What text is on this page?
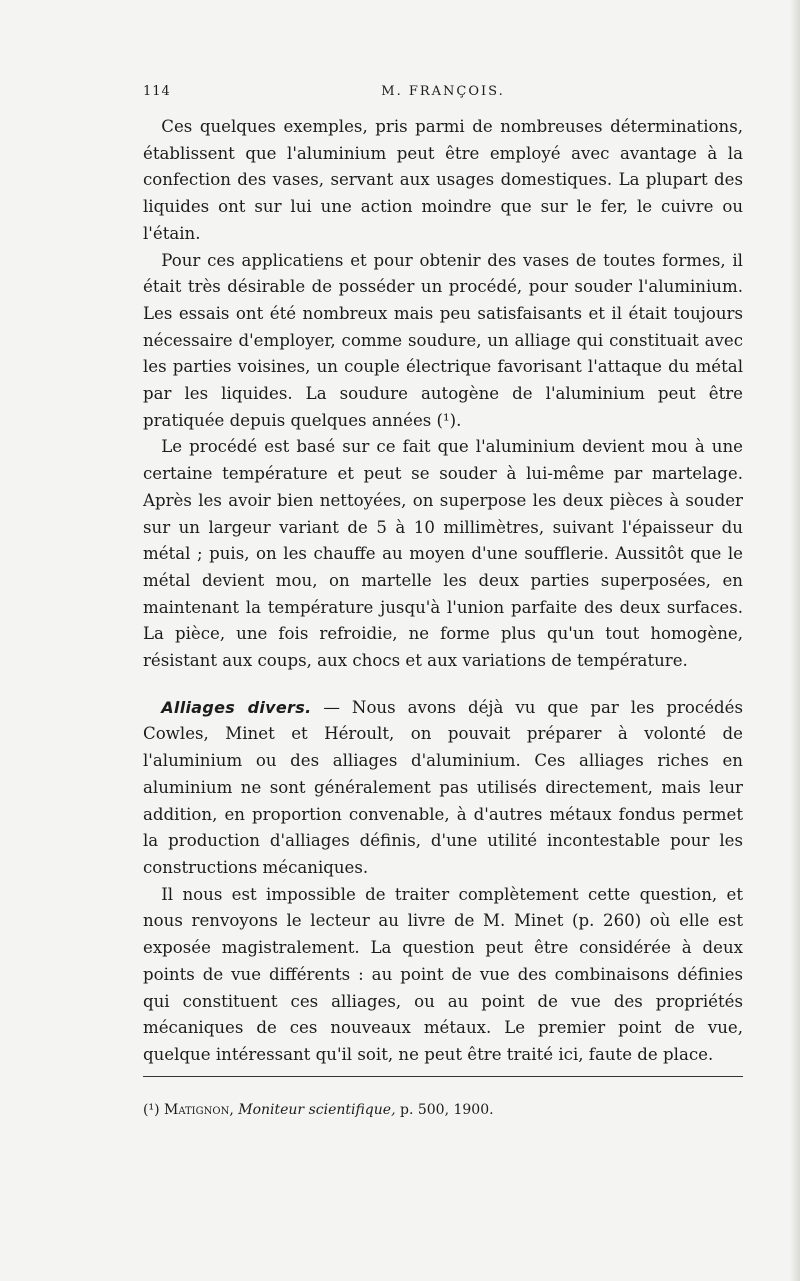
114	M. FRANÇOIS.

Ces quelques exemples, pris parmi de nombreuses déterminations, établissent que l'aluminium peut être employé avec avantage à la confection des vases, servant aux usages domestiques. La plupart des liquides ont sur lui une action moindre que sur le fer, le cuivre ou l'étain.

Pour ces applicatiens et pour obtenir des vases de toutes formes, il était très désirable de posséder un procédé, pour souder l'aluminium. Les essais ont été nombreux mais peu satisfaisants et il était toujours nécessaire d'employer, comme soudure, un alliage qui constituait avec les parties voisines, un couple électrique favorisant l'attaque du métal par les liquides. La soudure autogène de l'aluminium peut être pratiquée depuis quelques années (¹).

Le procédé est basé sur ce fait que l'aluminium devient mou à une certaine température et peut se souder à lui-même par martelage. Après les avoir bien nettoyées, on superpose les deux pièces à souder sur un largeur variant de 5 à 10 millimètres, suivant l'épaisseur du métal ; puis, on les chauffe au moyen d'une soufflerie. Aussitôt que le métal devient mou, on martelle les deux parties superposées, en maintenant la température jusqu'à l'union parfaite des deux surfaces. La pièce, une fois refroidie, ne forme plus qu'un tout homogène, résistant aux coups, aux chocs et aux variations de température.

Alliages divers. — Nous avons déjà vu que par les procédés Cowles, Minet et Héroult, on pouvait préparer à volonté de l'aluminium ou des alliages d'aluminium. Ces alliages riches en aluminium ne sont généralement pas utilisés directement, mais leur addition, en proportion convenable, à d'autres métaux fondus permet la production d'alliages définis, d'une utilité incontestable pour les constructions mécaniques.

Il nous est impossible de traiter complètement cette question, et nous renvoyons le lecteur au livre de M. Minet (p. 260) où elle est exposée magistralement. La question peut être considérée à deux points de vue différents : au point de vue des combinaisons définies qui constituent ces alliages, ou au point de vue des propriétés mécaniques de ces nouveaux métaux. Le premier point de vue, quelque intéressant qu'il soit, ne peut être traité ici, faute de place.

(¹) Matignon, Moniteur scientifique, p. 500, 1900.
